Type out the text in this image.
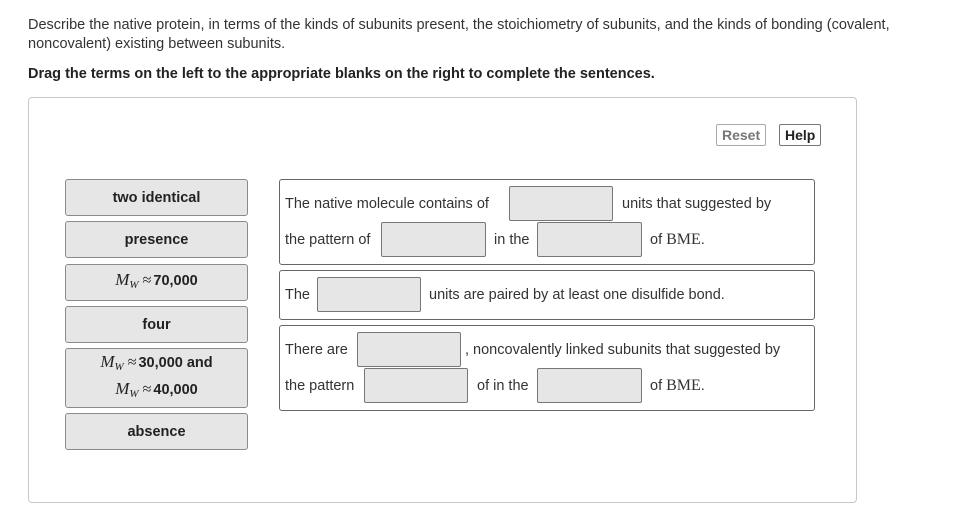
Describe the native protein, in terms of the kinds of subunits present, the stoichiometry of subunits, and the kinds of bonding (covalent, noncovalent) existing between subunits.
Drag the terms on the left to the appropriate blanks on the right to complete the sentences.
Reset	Help
two identical
presence
$M_W \approx 70,000$
four
$M_W \approx 30,000$ and
$M_W \approx 40,000$
absence
The native molecule contains of	units that suggested by
the pattern of	in the	of BME.
The	units are paired by at least one disulfide bond.
There are	, noncovalently linked subunits that suggested by
the pattern	of in the	of BME.
